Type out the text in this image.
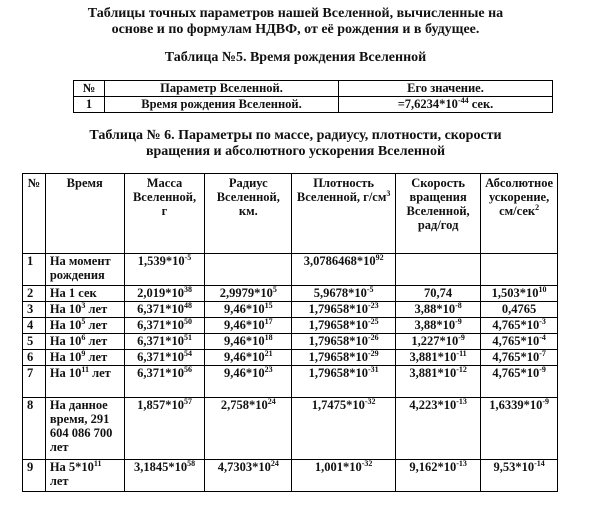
Таблицы точных параметров нашей Вселенной, вычисленные на
основе и по формулам НДВФ, от её рождения и в будущее.
Таблица №5. Время рождения Вселенной
№	Параметр Вселенной.	Его значение.
1	Время рождения Вселенной.	$=7,6234*10^{-44}$ сек.
Таблица № 6. Параметры по массе, радиусу, плотности, скорости
вращения и абсолютного ускорения Вселенной
№	Время	Масса Вселенной, г	Радиус Вселенной, км.	Плотность Вселенной, $г/см^3$	Скорость вращения Вселенной, рад/год	Абсолютное ускорение, см/сек$^2$
1	На момент рождения	$1,539*10^{-5}$		$3,0786468*10^{92}$		
2	На 1 сек	$2,019*10^{38}$	$2,9979*10^5$	$5,9678*10^{-5}$	70,74	$1,503*10^{10}$
3	На $10^3$ лет	$6,371*10^{48}$	$9,46*10^{15}$	$1,79658*10^{-23}$	$3,88*10^{-8}$	0,4765
4	На $10^5$ лет	$6,371*10^{50}$	$9,46*10^{17}$	$1,79658*10^{-25}$	$3,88*10^{-9}$	$4,765*10^{-3}$
5	На $10^6$ лет	$6,371*10^{51}$	$9,46*10^{18}$	$1,79658*10^{-26}$	$1,227*10^{-9}$	$4,765*10^{-4}$
6	На $10^9$ лет	$6,371*10^{54}$	$9,46*10^{21}$	$1,79658*10^{-29}$	$3,881*10^{-11}$	$4,765*10^{-7}$
7	На $10^{11}$ лет	$6,371*10^{56}$	$9,46*10^{23}$	$1,79658*10^{-31}$	$3,881*10^{-12}$	$4,765*10^{-9}$
8	На данное время, 291 604 086 700 лет	$1,857*10^{57}$	$2,758*10^{24}$	$1,7475*10^{-32}$	$4,223*10^{-13}$	$1,6339*10^{-9}$
9	На $5*10^{11}$ лет	$3,1845*10^{58}$	$4,7303*10^{24}$	$1,001*10^{-32}$	$9,162*10^{-13}$	$9,53*10^{-14}$
